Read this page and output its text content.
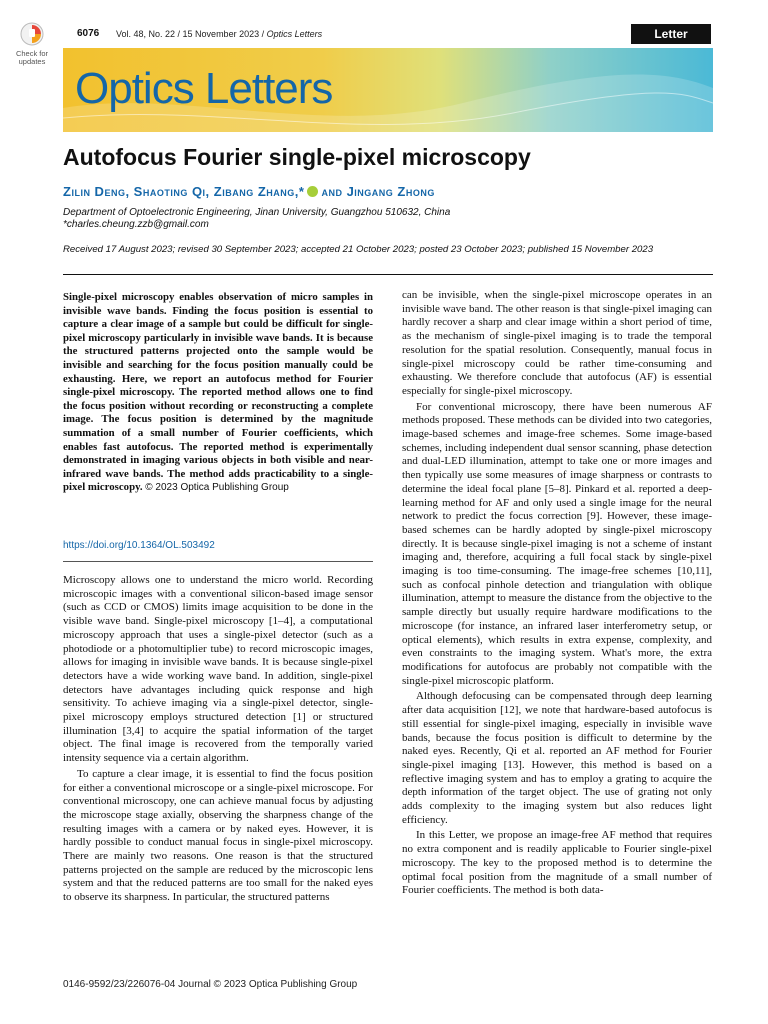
Check for updates
6076 Vol. 48, No. 22 / 15 November 2023 / Optics Letters	Letter
Optics Letters
Autofocus Fourier single-pixel microscopy
Zilin Deng, Shaoting Qi, Zibang Zhang,* and Jingang Zhong
Department of Optoelectronic Engineering, Jinan University, Guangzhou 510632, China
*charles.cheung.zzb@gmail.com
Received 17 August 2023; revised 30 September 2023; accepted 21 October 2023; posted 23 October 2023; published 15 November 2023
Single-pixel microscopy enables observation of micro samples in invisible wave bands. Finding the focus position is essential to capture a clear image of a sample but could be difficult for single-pixel microscopy particularly in invisible wave bands. It is because the structured patterns projected onto the sample would be invisible and searching for the focus position manually could be exhausting. Here, we report an autofocus method for Fourier single-pixel microscopy. The reported method allows one to find the focus position without recording or reconstructing a complete image. The focus position is determined by the magnitude summation of a small number of Fourier coefficients, which enables fast autofocus. The reported method is experimentally demonstrated in imaging various objects in both visible and near-infrared wave bands. The method adds practicability to a single-pixel microscopy. © 2023 Optica Publishing Group
https://doi.org/10.1364/OL.503492

Microscopy allows one to understand the micro world. Recording microscopic images with a conventional silicon-based image sensor (such as CCD or CMOS) limits image acquisition to be done in the visible wave band. Single-pixel microscopy [1–4], a computational microscopy approach that uses a single-pixel detector (such as a photodiode or a photomultiplier tube) to record microscopic images, allows for imaging in invisible wave bands. It is because single-pixel detectors have a wide working wave band. In addition, single-pixel detectors have advantages including quick response and high sensitivity. To achieve imaging via a single-pixel detector, single-pixel microscopy employs structured detection [1] or structured illumination [3,4] to acquire the spatial information of the target object. The final image is recovered from the temporally varied intensity sequence via a certain algorithm.

To capture a clear image, it is essential to find the focus position for either a conventional microscope or a single-pixel microscope. For conventional microscopy, one can achieve manual focus by adjusting the microscope stage axially, observing the sharpness change of the resulting images with a camera or by naked eyes. However, it is hardly possible to conduct manual focus in single-pixel microscopy. There are mainly two reasons. One reason is that the structured patterns projected on the sample are reduced by the microscopic lens system and that the reduced patterns are too small for the naked eyes to observe its sharpness. In particular, the structured patterns

can be invisible, when the single-pixel microscope operates in an invisible wave band. The other reason is that single-pixel imaging can hardly recover a sharp and clear image within a short period of time, as the mechanism of single-pixel imaging is to trade the temporal resolution for the spatial resolution. Consequently, manual focus in single-pixel microscopy could be rather time-consuming and exhausting. We therefore conclude that autofocus (AF) is essential especially for single-pixel microscopy.

For conventional microscopy, there have been numerous AF methods proposed. These methods can be divided into two categories, image-based schemes and image-free schemes. Some image-based schemes, including independent dual sensor scanning, phase detection and dual-LED illumination, attempt to take one or more images and then typically use some measures of image sharpness or contrasts to determine the ideal focal plane [5–8]. Pinkard et al. reported a deep-learning method for AF and only used a single image for the neural network to predict the focus correction [9]. However, these image-based schemes can be hardly adopted by single-pixel microscopy directly. It is because single-pixel imaging is not a scheme of instant imaging and, therefore, acquiring a full focal stack by single-pixel imaging is too time-consuming. The image-free schemes [10,11], such as confocal pinhole detection and triangulation with oblique illumination, attempt to measure the distance from the objective to the sample directly but usually require hardware modifications to the microscope (for instance, an infrared laser interferometry setup, or optical elements), which results in extra expense, complexity, and even constraints to the imaging system. What's more, the extra modifications for autofocus are probably not compatible with the single-pixel microscopic platform.

Although defocusing can be compensated through deep learning after data acquisition [12], we note that hardware-based autofocus is still essential for single-pixel imaging, especially in invisible wave bands, because the focus position is difficult to determine by the naked eyes. Recently, Qi et al. reported an AF method for Fourier single-pixel imaging [13]. However, this method is based on a reflective imaging system and has to employ a grating to acquire the depth information of the target object. The use of grating not only adds complexity to the imaging system but also reduces light efficiency.

In this Letter, we propose an image-free AF method that requires no extra component and is readily applicable to Fourier single-pixel microscopy. The key to the proposed method is to determine the optimal focal position from the magnitude of a small number of Fourier coefficients. The method is both data-

0146-9592/23/226076-04 Journal © 2023 Optica Publishing Group
